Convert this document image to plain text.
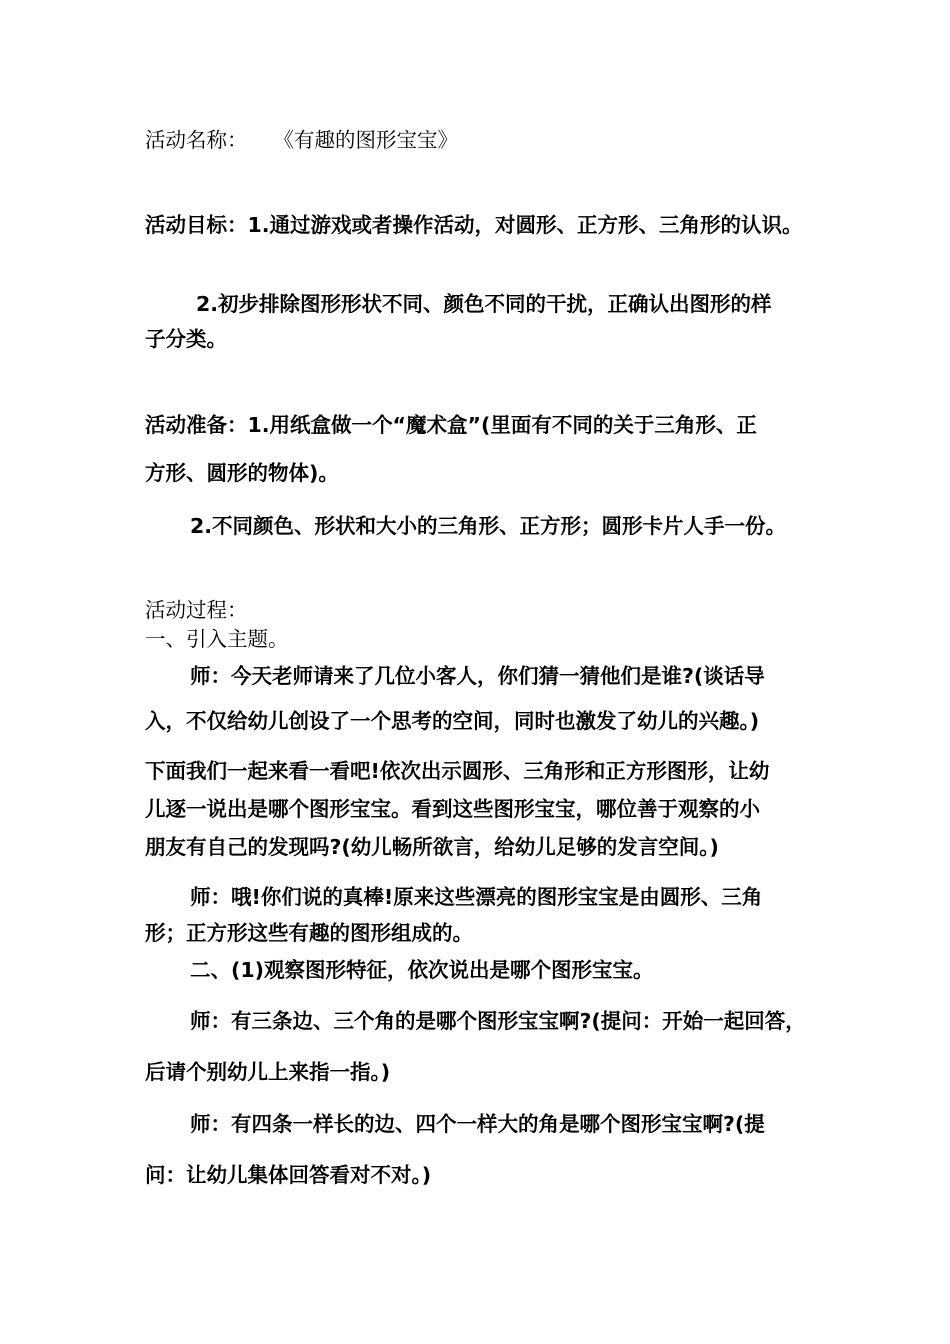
活动名称： 《有趣的图形宝宝》
活动目标：1.通过游戏或者操作活动，对圆形、正方形、三角形的认识。
2.初步排除图形形状不同、颜色不同的干扰，正确认出图形的样
子分类。
活动准备：1.用纸盒做一个“魔术盒”(里面有不同的关于三角形、正
方形、圆形的物体)。
2.不同颜色、形状和大小的三角形、正方形；圆形卡片人手一份。
活动过程：
一、引入主题。
师：今天老师请来了几位小客人，你们猜一猜他们是谁?(谈话导
入，不仅给幼儿创设了一个思考的空间，同时也激发了幼儿的兴趣。)
下面我们一起来看一看吧!依次出示圆形、三角形和正方形图形，让幼
儿逐一说出是哪个图形宝宝。看到这些图形宝宝，哪位善于观察的小
朋友有自己的发现吗?(幼儿畅所欲言，给幼儿足够的发言空间。)
师：哦!你们说的真棒!原来这些漂亮的图形宝宝是由圆形、三角
形；正方形这些有趣的图形组成的。
二、(1)观察图形特征，依次说出是哪个图形宝宝。
师：有三条边、三个角的是哪个图形宝宝啊?(提问：开始一起回答，
后请个别幼儿上来指一指。)
师：有四条一样长的边、四个一样大的角是哪个图形宝宝啊?(提
问：让幼儿集体回答看对不对。)
